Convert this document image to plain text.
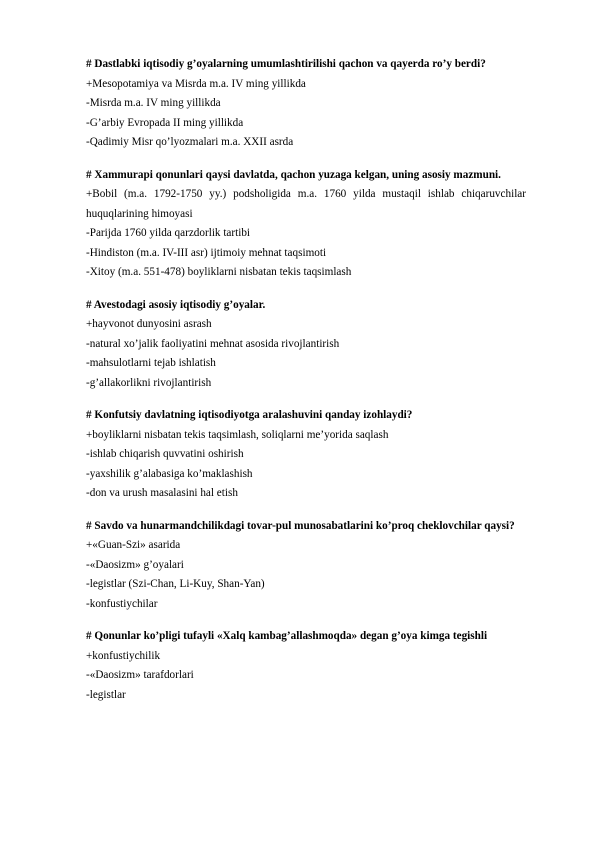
# Dastlabki iqtisodiy g’oyalarning umumlashtirilishi qachon va qayerda ro’y berdi?
+Mesopotamiya va Misrda m.a. IV ming yillikda
-Misrda m.a. IV ming yillikda
-G’arbiy Evropada II ming yillikda
-Qadimiy Misr qo’lyozmalari m.a. XXII asrda
# Xammurapi qonunlari qaysi davlatda, qachon yuzaga kelgan, uning asosiy mazmuni.
+Bobil (m.a. 1792-1750 yy.) podsholigida m.a. 1760 yilda mustaqil ishlab chiqaruvchilar
huquqlarining himoyasi
-Parijda 1760 yilda qarzdorlik tartibi
-Hindiston (m.a. IV-III asr) ijtimoiy mehnat taqsimoti
-Xitoy (m.a. 551-478) boyliklarni nisbatan tekis taqsimlash
# Avestodagi asosiy iqtisodiy g’oyalar.
+hayvonot dunyosini asrash
-natural xo’jalik faoliyatini mehnat asosida rivojlantirish
-mahsulotlarni tejab ishlatish
-g’allakorlikni rivojlantirish
# Konfutsiy davlatning iqtisodiyotga aralashuvini qanday izohlaydi?
+boyliklarni nisbatan tekis taqsimlash, soliqlarni me’yorida saqlash
-ishlab chiqarish quvvatini oshirish
-yaxshilik g’alabasiga ko’maklashish
-don va urush masalasini hal etish
# Savdo va hunarmandchilikdagi tovar-pul munosabatlarini ko’proq cheklovchilar qaysi?
+«Guan-Szi» asarida
-«Daosizm» g’oyalari
-legistlar (Szi-Chan, Li-Kuy, Shan-Yan)
-konfustiychilar
# Qonunlar ko’pligi tufayli «Xalq kambag’allashmoqda» degan g’oya kimga tegishli
+konfustiychilik
-«Daosizm» tarafdorlari
-legistlar
